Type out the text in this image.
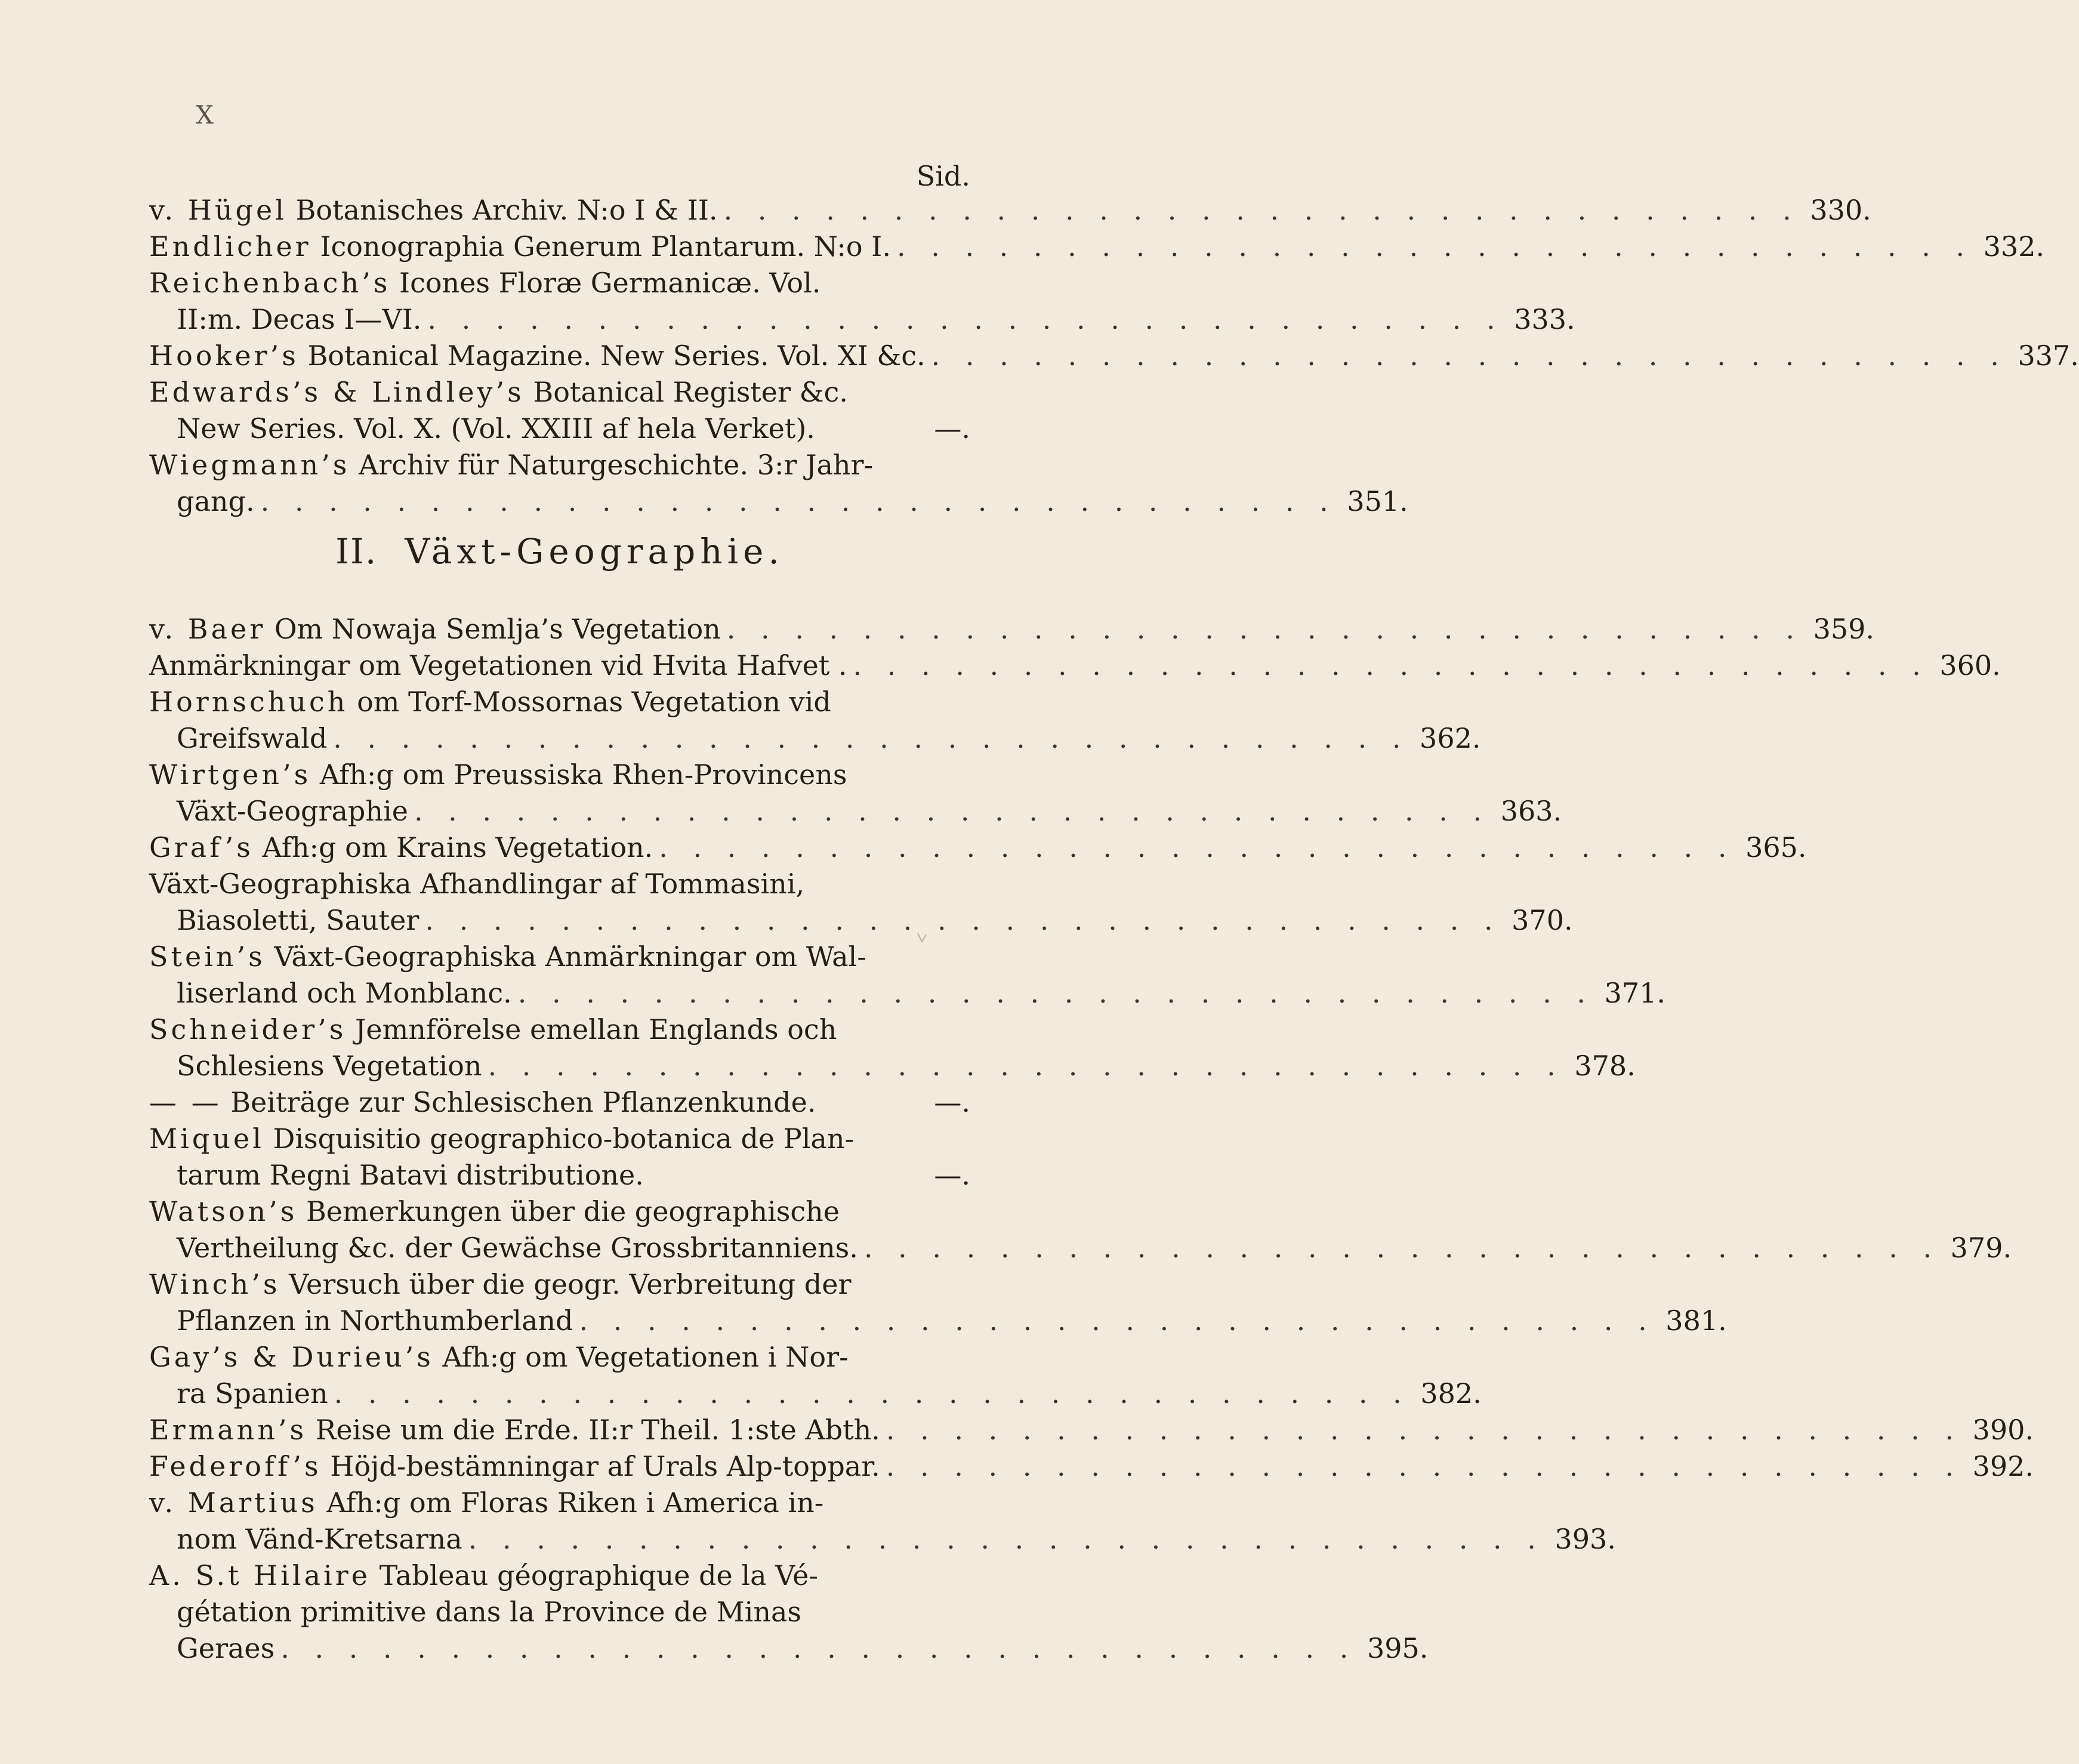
X
Sid.
v. Hügel Botanisches Archiv. N:o I & II. . . . . . . . . . . . . . . . . . . . . . . . . . . . . . . . . 330.
Endlicher Iconographia Generum Plantarum. N:o I. . . . . . . . . . . . . . . . . . . . . . . . . . . . . . . . . 332.
Reichenbach’s Icones Floræ Germanicæ. Vol.
II:m. Decas I—VI. . . . . . . . . . . . . . . . . . . . . . . . . . . . . . . . . 333.
Hooker’s Botanical Magazine. New Series. Vol. XI &c. . . . . . . . . . . . . . . . . . . . . . . . . . . . . . . . . 337.
Edwards’s & Lindley’s Botanical Register &c.
New Series. Vol. X. (Vol. XXIII af hela Verket).	—.
Wiegmann’s Archiv für Naturgeschichte. 3:r Jahr-
gang. . . . . . . . . . . . . . . . . . . . . . . . . . . . . . . . . 351.
II. Växt-Geographie.
v. Baer Om Nowaja Semlja’s Vegetation . . . . . . . . . . . . . . . . . . . . . . . . . . . . . . . . 359.
Anmärkningar om Vegetationen vid Hvita Hafvet . . . . . . . . . . . . . . . . . . . . . . . . . . . . . . . . . 360.
Hornschuch om Torf-Mossornas Vegetation vid
Greifswald . . . . . . . . . . . . . . . . . . . . . . . . . . . . . . . . 362.
Wirtgen’s Afh:g om Preussiska Rhen-Provincens
Växt-Geographie . . . . . . . . . . . . . . . . . . . . . . . . . . . . . . . . 363.
Graf’s Afh:g om Krains Vegetation. . . . . . . . . . . . . . . . . . . . . . . . . . . . . . . . . 365.
Växt-Geographiska Afhandlingar af Tommasini,
Biasoletti, Sauter . . . . . . . . . . . . . . . . . . . . . . . . . . . . . . . . 370.
Stein’s Växt-Geographiska Anmärkningar om Wal-
liserland och Monblanc. . . . . . . . . . . . . . . . . . . . . . . . . . . . . . . . . 371.
Schneider’s Jemnförelse emellan Englands och
Schlesiens Vegetation . . . . . . . . . . . . . . . . . . . . . . . . . . . . . . . . 378.
— — Beiträge zur Schlesischen Pflanzenkunde.	—.
Miquel Disquisitio geographico-botanica de Plan-
tarum Regni Batavi distributione.	—.
Watson’s Bemerkungen über die geographische
Vertheilung &c. der Gewächse Grossbritanniens. . . . . . . . . . . . . . . . . . . . . . . . . . . . . . . . . 379.
Winch’s Versuch über die geogr. Verbreitung der
Pflanzen in Northumberland . . . . . . . . . . . . . . . . . . . . . . . . . . . . . . . . 381.
Gay’s & Durieu’s Afh:g om Vegetationen i Nor-
ra Spanien . . . . . . . . . . . . . . . . . . . . . . . . . . . . . . . . 382.
Ermann’s Reise um die Erde. II:r Theil. 1:ste Abth. . . . . . . . . . . . . . . . . . . . . . . . . . . . . . . . . 390.
Federoff’s Höjd-bestämningar af Urals Alp-toppar. . . . . . . . . . . . . . . . . . . . . . . . . . . . . . . . . 392.
v. Martius Afh:g om Floras Riken i America in-
nom Vänd-Kretsarna . . . . . . . . . . . . . . . . . . . . . . . . . . . . . . . . 393.
A. S.t Hilaire Tableau géographique de la Vé-
gétation primitive dans la Province de Minas
Geraes . . . . . . . . . . . . . . . . . . . . . . . . . . . . . . . . 395.
